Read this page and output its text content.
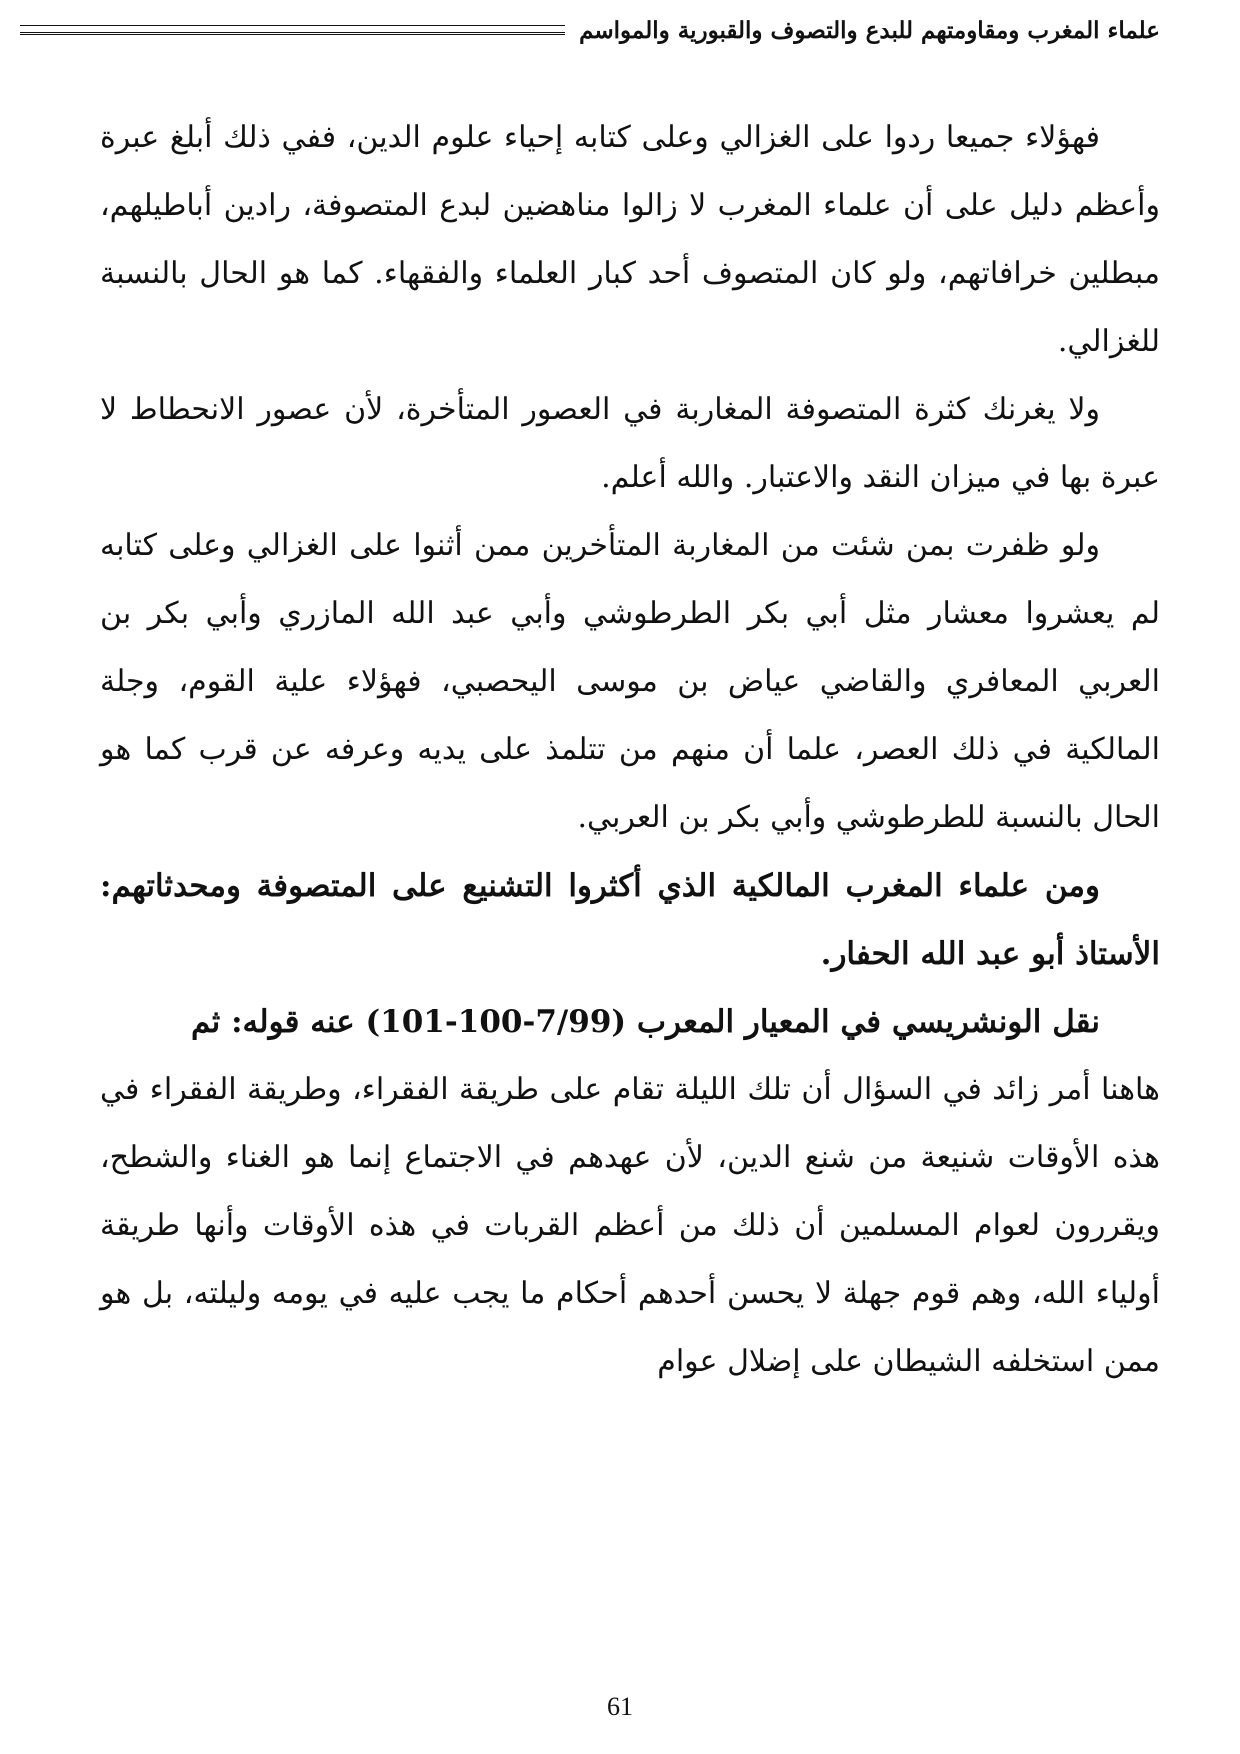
علماء المغرب ومقاومتهم للبدع والتصوف والقبورية والمواسم

فهؤلاء جميعا ردوا على الغزالي وعلى كتابه إحياء علوم الدين، ففي ذلك أبلغ عبرة وأعظم دليل على أن علماء المغرب لا زالوا مناهضين لبدع المتصوفة، رادين أباطيلهم، مبطلين خرافاتهم، ولو كان المتصوف أحد كبار العلماء والفقهاء. كما هو الحال بالنسبة للغزالي.

ولا يغرنك كثرة المتصوفة المغاربة في العصور المتأخرة، لأن عصور الانحطاط لا عبرة بها في ميزان النقد والاعتبار. والله أعلم.

ولو ظفرت بمن شئت من المغاربة المتأخرين ممن أثنوا على الغزالي وعلى كتابه لم يعشروا معشار مثل أبي بكر الطرطوشي وأبي عبد الله المازري وأبي بكر بن العربي المعافري والقاضي عياض بن موسى اليحصبي، فهؤلاء علية القوم، وجلة المالكية في ذلك العصر، علما أن منهم من تتلمذ على يديه وعرفه عن قرب كما هو الحال بالنسبة للطرطوشي وأبي بكر بن العربي.

ومن علماء المغرب المالكية الذي أكثروا التشنيع على المتصوفة ومحدثاتهم: الأستاذ أبو عبد الله الحفار.

نقل الونشريسي في المعيار المعرب (7/99-100-101) عنه قوله: ثم

هاهنا أمر زائد في السؤال أن تلك الليلة تقام على طريقة الفقراء، وطريقة الفقراء في هذه الأوقات شنيعة من شنع الدين، لأن عهدهم في الاجتماع إنما هو الغناء والشطح، ويقررون لعوام المسلمين أن ذلك من أعظم القربات في هذه الأوقات وأنها طريقة أولياء الله، وهم قوم جهلة لا يحسن أحدهم أحكام ما يجب عليه في يومه وليلته، بل هو ممن استخلفه الشيطان على إضلال عوام

61
